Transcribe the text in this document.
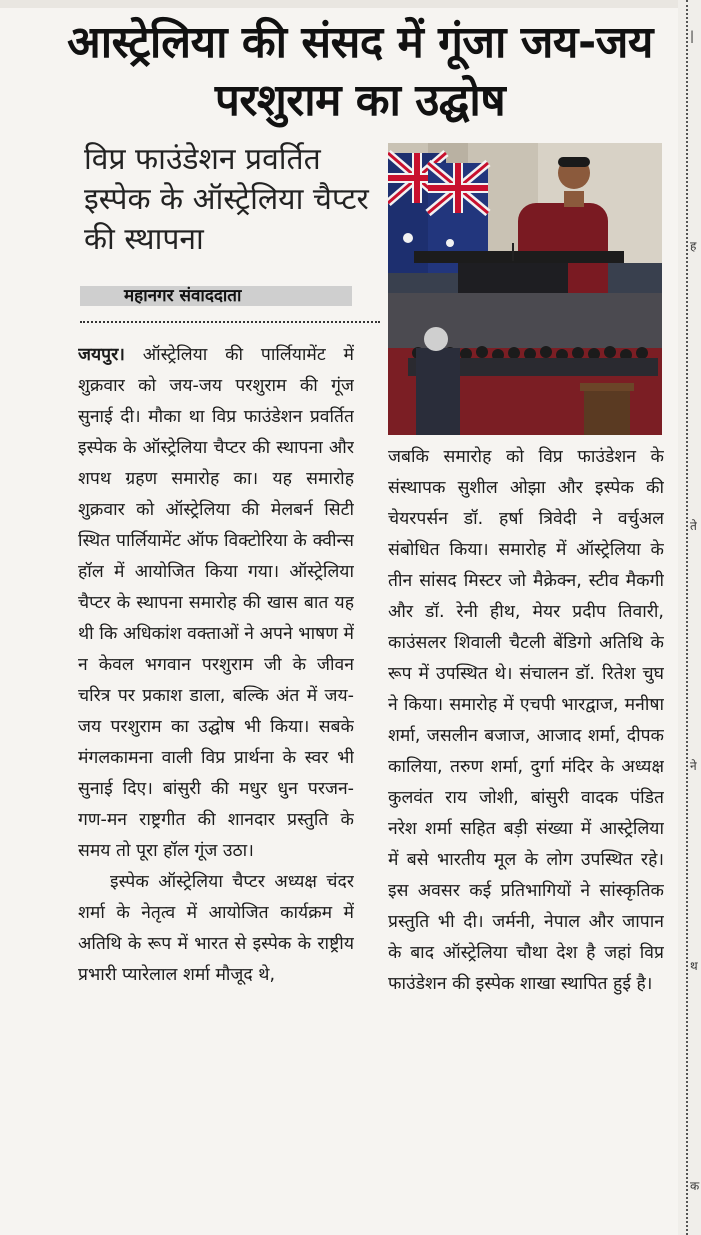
आस्ट्रेलिया की संसद में गूंजा जय-जय परशुराम का उद्घोष
विप्र फाउंडेशन प्रवर्तित इस्पेक के ऑस्ट्रेलिया चैप्टर की स्थापना
महानगर संवाददाता

जयपुर। ऑस्ट्रेलिया की पार्लियामेंट में शुक्रवार को जय-जय परशुराम की गूंज सुनाई दी। मौका था विप्र फाउंडेशन प्रवर्तित इस्पेक के ऑस्ट्रेलिया चैप्टर की स्थापना और शपथ ग्रहण समारोह का। यह समारोह शुक्रवार को ऑस्ट्रेलिया की मेलबर्न सिटी स्थित पार्लियामेंट ऑफ विक्टोरिया के क्वीन्स हॉल में आयोजित किया गया। ऑस्ट्रेलिया चैप्टर के स्थापना समारोह की खास बात यह थी कि अधिकांश वक्ताओं ने अपने भाषण में न केवल भगवान परशुराम जी के जीवन चरित्र पर प्रकाश डाला, बल्कि अंत में जय-जय परशुराम का उद्घोष भी किया। सबके मंगलकामना वाली विप्र प्रार्थना के स्वर भी सुनाई दिए। बांसुरी की मधुर धुन परजन-गण-मन राष्ट्रगीत की शानदार प्रस्तुति के समय तो पूरा हॉल गूंज उठा।

इस्पेक ऑस्ट्रेलिया चैप्टर अध्यक्ष चंदर शर्मा के नेतृत्व में आयोजित कार्यक्रम में अतिथि के रूप में भारत से इस्पेक के राष्ट्रीय प्रभारी प्यारेलाल शर्मा मौजूद थे,

जबकि समारोह को विप्र फाउंडेशन के संस्थापक सुशील ओझा और इस्पेक की चेयरपर्सन डॉ. हर्षा त्रिवेदी ने वर्चुअल संबोधित किया। समारोह में ऑस्ट्रेलिया के तीन सांसद मिस्टर जो मैक्रेक्न, स्टीव मैकगी और डॉ. रेनी हीथ, मेयर प्रदीप तिवारी, काउंसलर शिवाली चैटली बेंडिगो अतिथि के रूप में उपस्थित थे। संचालन डॉ. रितेश चुघ ने किया। समारोह में एचपी भारद्वाज, मनीषा शर्मा, जसलीन बजाज, आजाद शर्मा, दीपक कालिया, तरुण शर्मा, दुर्गा मंदिर के अध्यक्ष कुलवंत राय जोशी, बांसुरी वादक पंडित नरेश शर्मा सहित बड़ी संख्या में आस्ट्रेलिया में बसे भारतीय मूल के लोग उपस्थित रहे। इस अवसर कई प्रतिभागियों ने सांस्कृतिक प्रस्तुति भी दी। जर्मनी, नेपाल और जापान के बाद ऑस्ट्रेलिया चौथा देश है जहां विप्र फाउंडेशन की इस्पेक शाखा स्थापित हुई है।

|
ह
ते
ने
थ
क
